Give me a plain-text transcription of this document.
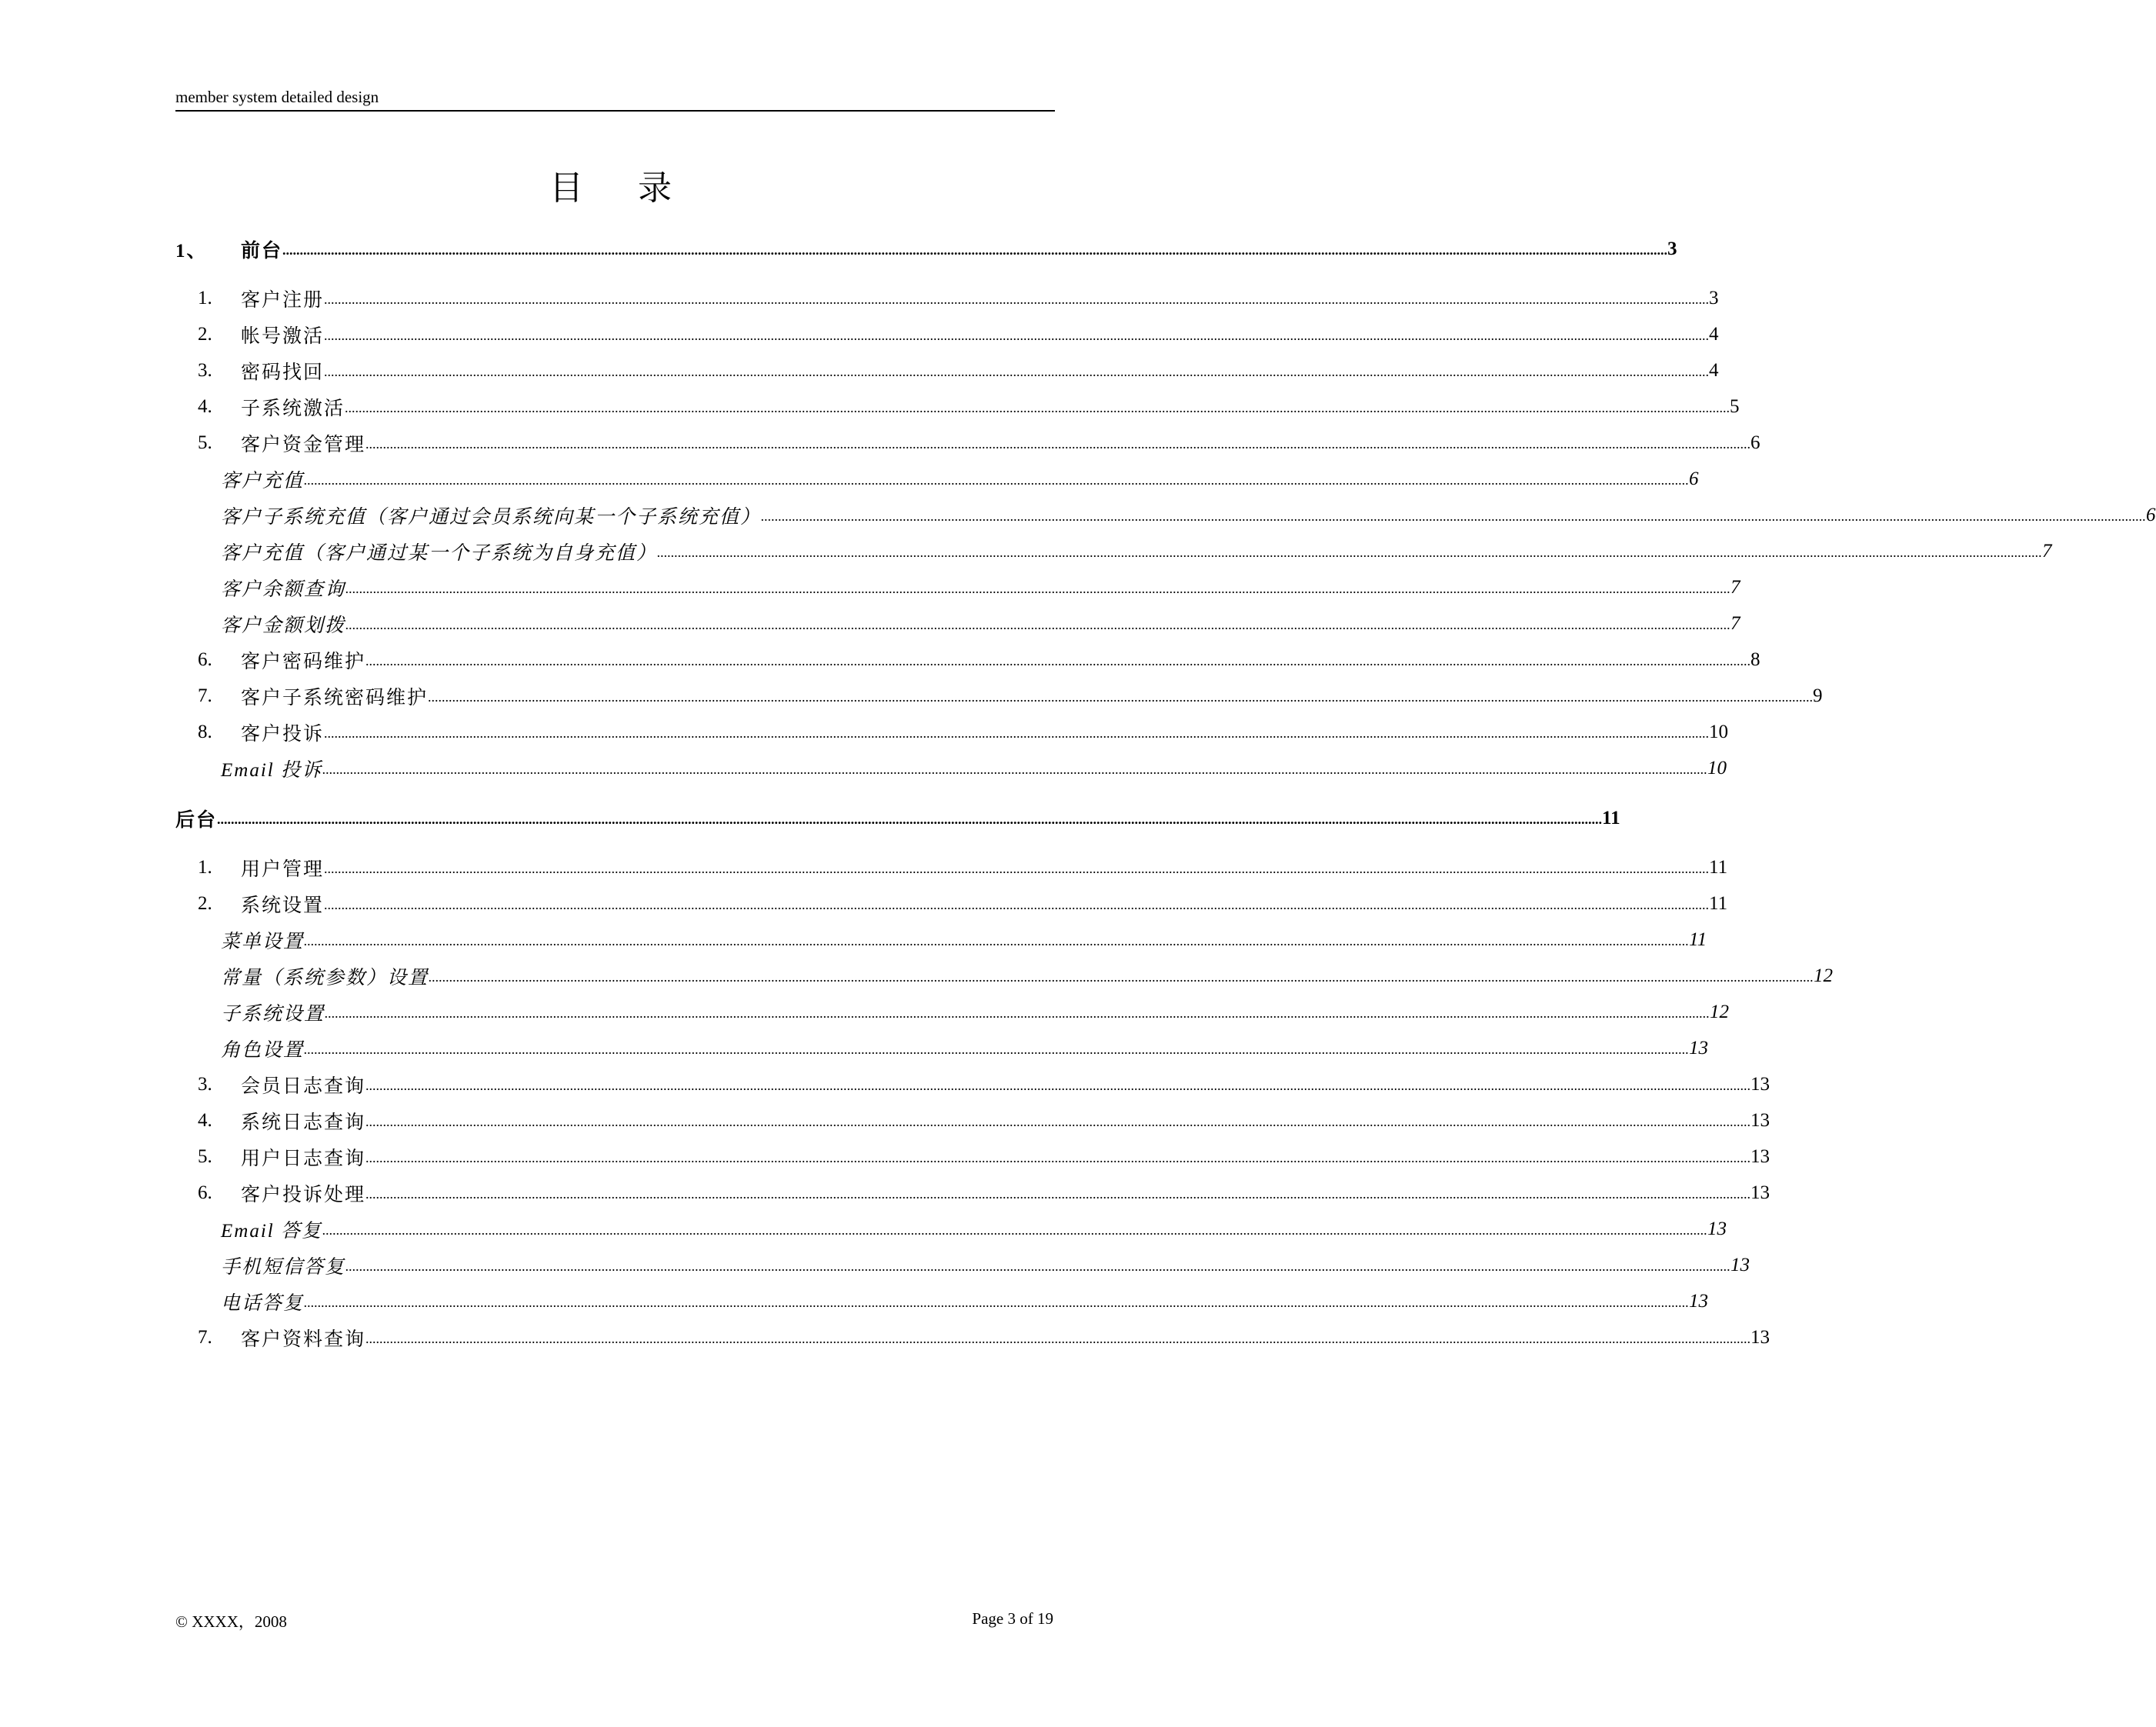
member system detailed design
目 录
1、	前台 ................................................................................................................................................................................................................................................................................................................................................................................................................ 3
1.	客户注册 ................................................................................................................................................................................................................................................................................................................................................................................................................ 3
2.	帐号激活 ................................................................................................................................................................................................................................................................................................................................................................................................................ 4
3.	密码找回 ................................................................................................................................................................................................................................................................................................................................................................................................................ 4
4.	子系统激活 ................................................................................................................................................................................................................................................................................................................................................................................................................ 5
5.	客户资金管理 ................................................................................................................................................................................................................................................................................................................................................................................................................ 6
客户充值 ................................................................................................................................................................................................................................................................................................................................................................................................................ 6
客户子系统充值（客户通过会员系统向某一个子系统充值） ................................................................................................................................................................................................................................................................................................................................................................................................................ 6
客户充值（客户通过某一个子系统为自身充值） ................................................................................................................................................................................................................................................................................................................................................................................................................ 7
客户余额查询 ................................................................................................................................................................................................................................................................................................................................................................................................................ 7
客户金额划拨 ................................................................................................................................................................................................................................................................................................................................................................................................................ 7
6.	客户密码维护 ................................................................................................................................................................................................................................................................................................................................................................................................................ 8
7.	客户子系统密码维护 ................................................................................................................................................................................................................................................................................................................................................................................................................ 9
8.	客户投诉 ................................................................................................................................................................................................................................................................................................................................................................................................................ 10
Email 投诉 ................................................................................................................................................................................................................................................................................................................................................................................................................ 10
后台 ................................................................................................................................................................................................................................................................................................................................................................................................................ 11
1.	用户管理 ................................................................................................................................................................................................................................................................................................................................................................................................................ 11
2.	系统设置 ................................................................................................................................................................................................................................................................................................................................................................................................................ 11
菜单设置 ................................................................................................................................................................................................................................................................................................................................................................................................................ 11
常量（系统参数）设置 ................................................................................................................................................................................................................................................................................................................................................................................................................ 12
子系统设置 ................................................................................................................................................................................................................................................................................................................................................................................................................ 12
角色设置 ................................................................................................................................................................................................................................................................................................................................................................................................................ 13
3.	会员日志查询 ................................................................................................................................................................................................................................................................................................................................................................................................................ 13
4.	系统日志查询 ................................................................................................................................................................................................................................................................................................................................................................................................................ 13
5.	用户日志查询 ................................................................................................................................................................................................................................................................................................................................................................................................................ 13
6.	客户投诉处理 ................................................................................................................................................................................................................................................................................................................................................................................................................ 13
Email 答复 ................................................................................................................................................................................................................................................................................................................................................................................................................ 13
手机短信答复 ................................................................................................................................................................................................................................................................................................................................................................................................................ 13
电话答复 ................................................................................................................................................................................................................................................................................................................................................................................................................ 13
7.	客户资料查询 ................................................................................................................................................................................................................................................................................................................................................................................................................ 13
© XXXX，2008	Page 3 of 19
